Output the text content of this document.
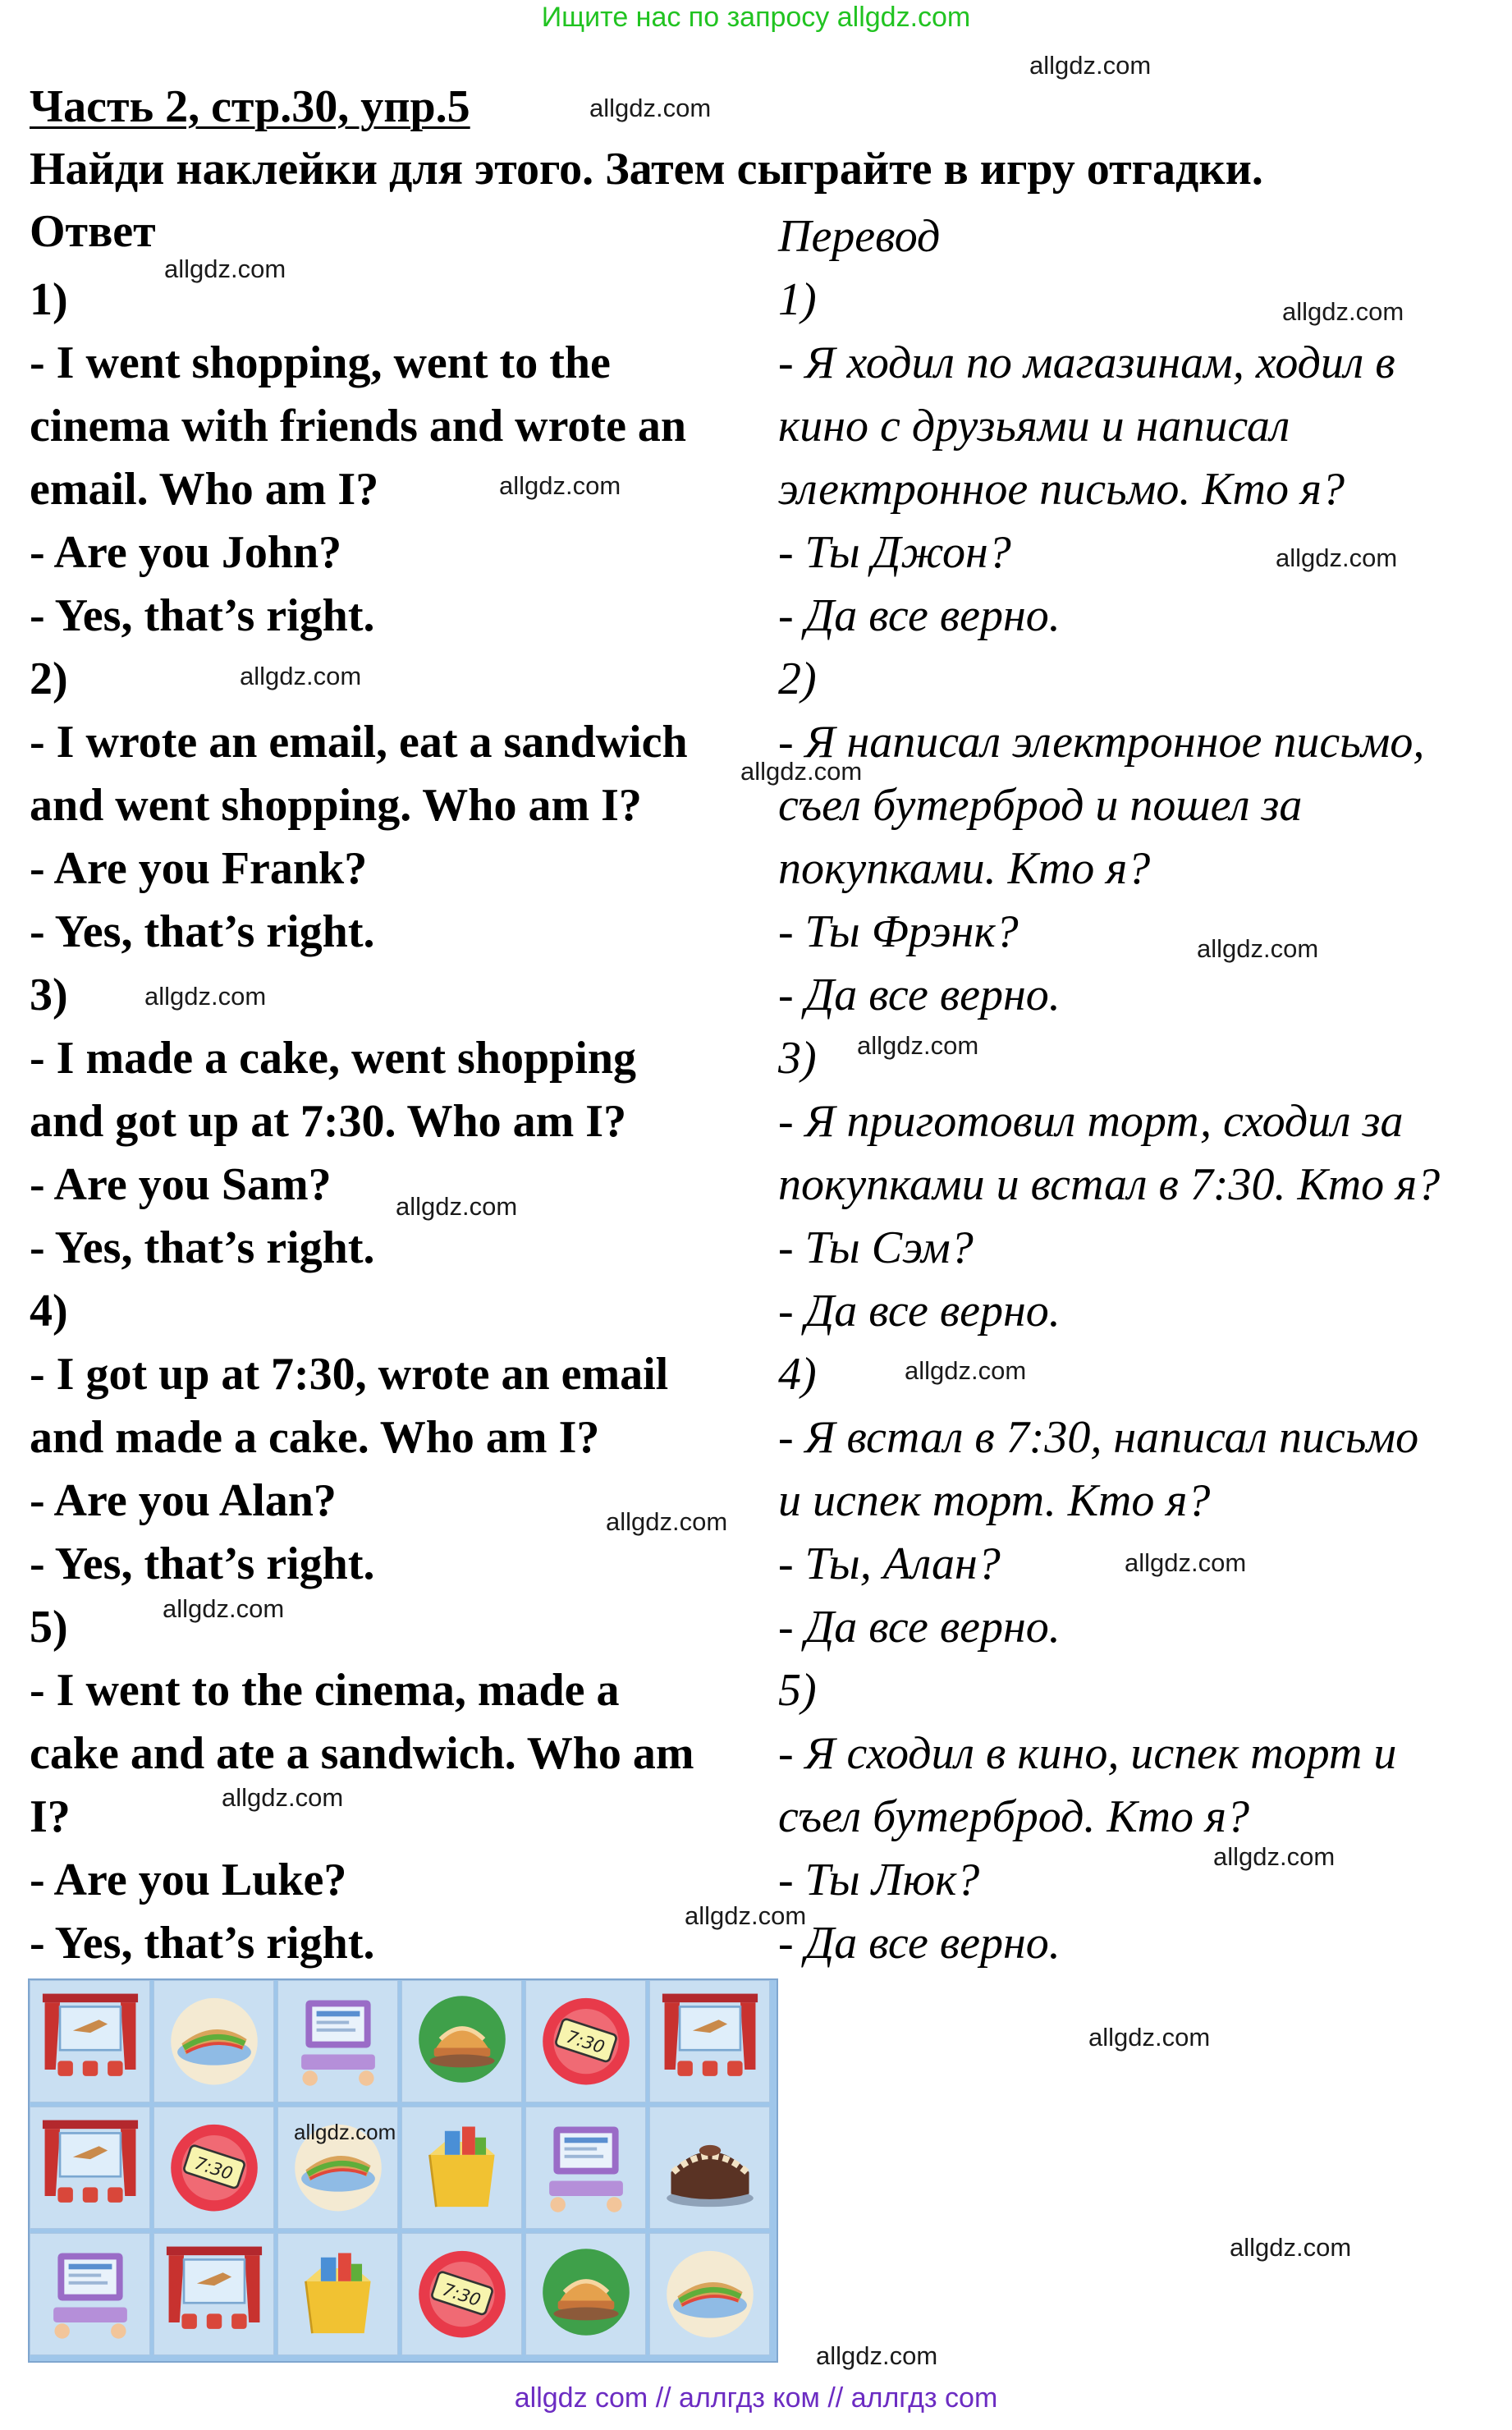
Ищите нас по запросу allgdz.com
Часть 2, стр.30, упр.5
Найди наклейки для этого. Затем сыграйте в игру отгадки.
Ответ	Перевод
1)
- I went shopping, went to the
cinema with friends and wrote an
email. Who am I?
- Are you John?
- Yes, that’s right.
2)
- I wrote an email, eat a sandwich
and went shopping. Who am I?
- Are you Frank?
- Yes, that’s right.
3)
- I made a cake, went shopping
and got up at 7:30. Who am I?
- Are you Sam?
- Yes, that’s right.
4)
- I got up at 7:30, wrote an email
and made a cake. Who am I?
- Are you Alan?
- Yes, that’s right.
5)
- I went to the cinema, made a
cake and ate a sandwich. Who am
I?
- Are you Luke?
- Yes, that’s right.
1)
- Я ходил по магазинам, ходил в
кино с друзьями и написал
электронное письмо. Кто я?
- Ты Джон?
- Да все верно.
2)
- Я написал электронное письмо,
съел бутерброд и пошел за
покупками. Кто я?
- Ты Фрэнк?
- Да все верно.
3)
- Я приготовил торт, сходил за
покупками и встал в 7:30. Кто я?
- Ты Сэм?
- Да все верно.
4)
- Я встал в 7:30, написал письмо
и испек торт. Кто я?
- Ты, Алан?
- Да все верно.
5)
- Я сходил в кино, испек торт и
съел бутерброд. Кто я?
- Ты Люк?
- Да все верно.
allgdz.com
allgdz.com
allgdz.com
allgdz.com
allgdz.com
allgdz.com
allgdz.com
allgdz.com
allgdz.com
allgdz.com
allgdz.com
allgdz.com
allgdz.com
allgdz.com
allgdz.com
allgdz.com
allgdz.com
allgdz.com
allgdz.com
allgdz.com
allgdz.com
allgdz.com
7:30
7:30
7:30
allgdz.com
allgdz com // аллгдз ком // аллгдз com
